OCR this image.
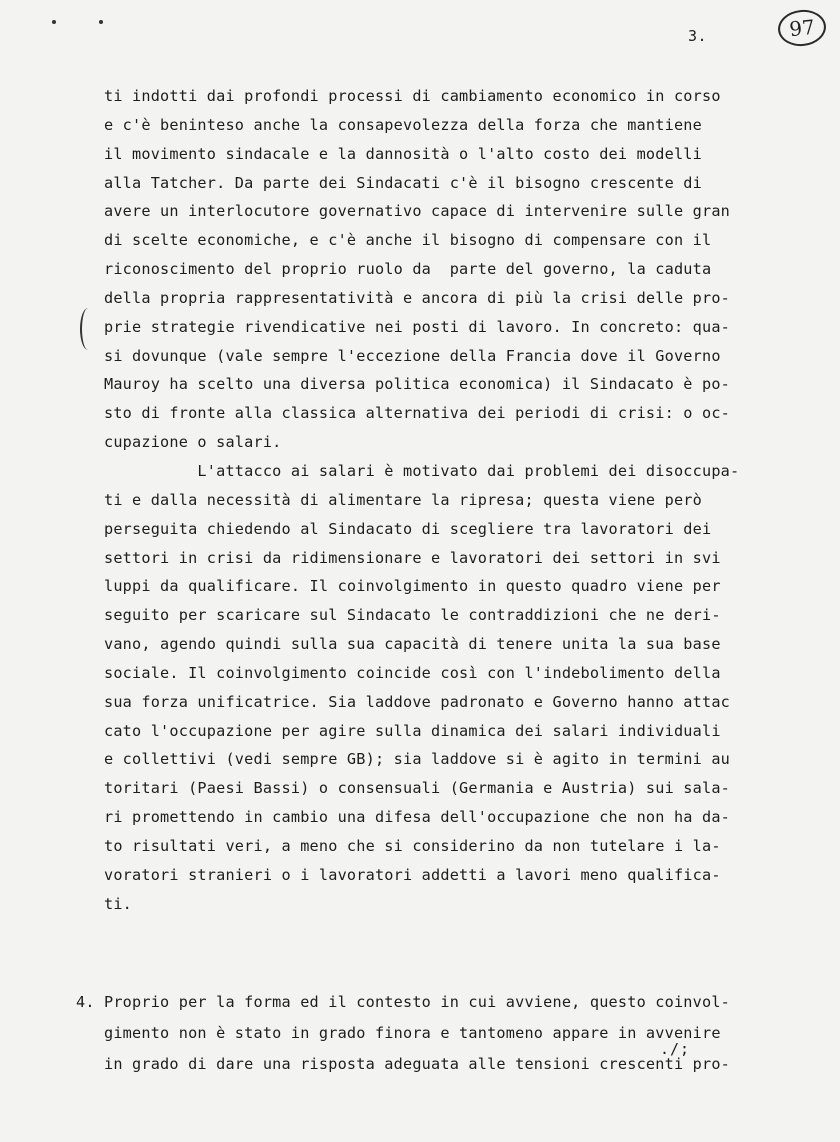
3.	97
ti indotti dai profondi processi di cambiamento economico in corso
e c'è beninteso anche la consapevolezza della forza che mantiene
il movimento sindacale e la dannosità o l'alto costo dei modelli
alla Tatcher. Da parte dei Sindacati c'è il bisogno crescente di
avere un interlocutore governativo capace di intervenire sulle gran
di scelte economiche, e c'è anche il bisogno di compensare con il
riconoscimento del proprio ruolo da  parte del governo, la caduta
della propria rappresentatività e ancora di più la crisi delle pro-
prie strategie rivendicative nei posti di lavoro. In concreto: qua-
si dovunque (vale sempre l'eccezione della Francia dove il Governo
Mauroy ha scelto una diversa politica economica) il Sindacato è po-
sto di fronte alla classica alternativa dei periodi di crisi: o oc-
cupazione o salari.
L'attacco ai salari è motivato dai problemi dei disoccupa-
ti e dalla necessità di alimentare la ripresa; questa viene però
perseguita chiedendo al Sindacato di scegliere tra lavoratori dei
settori in crisi da ridimensionare e lavoratori dei settori in svi
luppi da qualificare. Il coinvolgimento in questo quadro viene per
seguito per scaricare sul Sindacato le contraddizioni che ne deri-
vano, agendo quindi sulla sua capacità di tenere unita la sua base
sociale. Il coinvolgimento coincide così con l'indebolimento della
sua forza unificatrice. Sia laddove padronato e Governo hanno attac
cato l'occupazione per agire sulla dinamica dei salari individuali
e collettivi (vedi sempre GB); sia laddove si è agito in termini au
toritari (Paesi Bassi) o consensuali (Germania e Austria) sui sala-
ri promettendo in cambio una difesa dell'occupazione che non ha da-
to risultati veri, a meno che si considerino da non tutelare i la-
voratori stranieri o i lavoratori addetti a lavori meno qualifica-
ti.

4. Proprio per la forma ed il contesto in cui avviene, questo coinvol-
gimento non è stato in grado finora e tantomeno appare in avvenire
in grado di dare una risposta adeguata alle tensioni crescenti pro-

./;
